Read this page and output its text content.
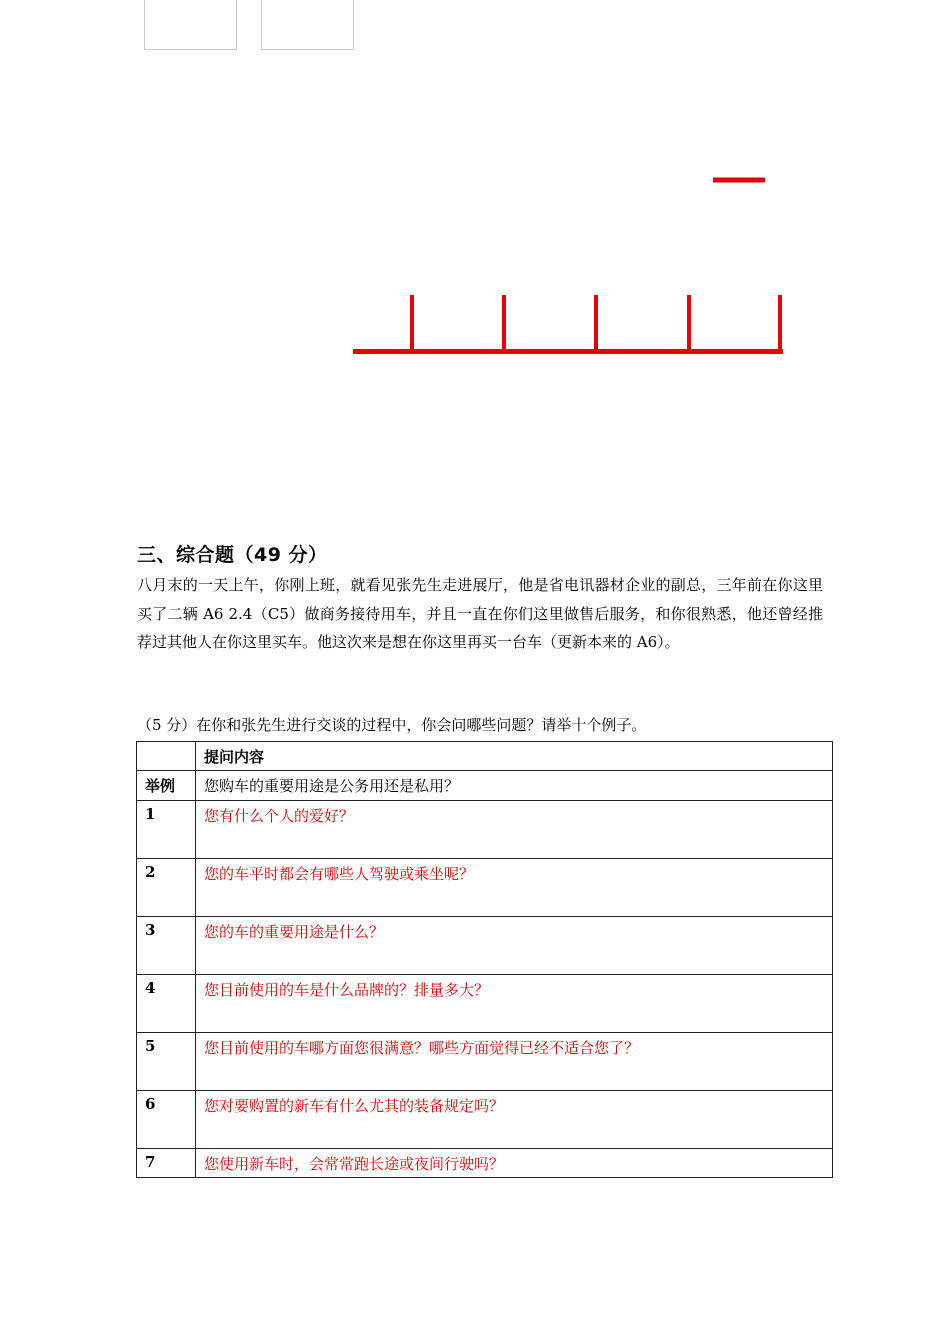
三、综合题（49 分）
八月末的一天上午，你刚上班，就看见张先生走进展厅，他是省电讯器材企业的副总，三年前在你这里买了二辆 A6 2.4（C5）做商务接待用车，并且一直在你们这里做售后服务，和你很熟悉，他还曾经推荐过其他人在你这里买车。他这次来是想在你这里再买一台车（更新本来的 A6）。
（5 分）在你和张先生进行交谈的过程中，你会问哪些问题？请举十个例子。
	提问内容
举例	您购车的重要用途是公务用还是私用？
1	您有什么个人的爱好？
2	您的车平时都会有哪些人驾驶或乘坐呢？
3	您的车的重要用途是什么？
4	您目前使用的车是什么品牌的？排量多大？
5	您目前使用的车哪方面您很满意？哪些方面觉得已经不适合您了？
6	您对要购置的新车有什么尤其的装备规定吗？
7	您使用新车时，会常常跑长途或夜间行驶吗？
